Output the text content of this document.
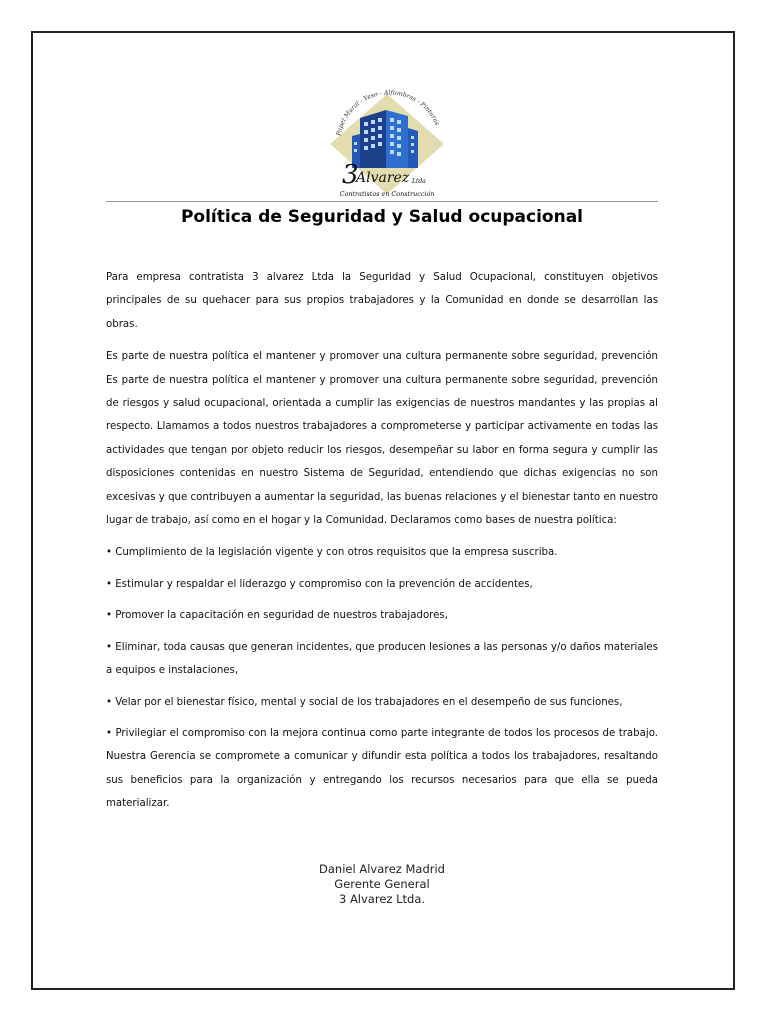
Papel Mural - Yeso - Alfombras - Pinturas
3
Alvarez Ltda
Contratistas en Construcción
Política de Seguridad y Salud ocupacional

Para empresa contratista 3 alvarez Ltda la Seguridad y Salud Ocupacional, constituyen objetivos principales de su quehacer para sus propios trabajadores y la Comunidad en donde se desarrollan las obras.

Es parte de nuestra política el mantener y promover una cultura permanente sobre seguridad, prevención Es parte de nuestra política el mantener y promover una cultura permanente sobre seguridad, prevención de riesgos y salud ocupacional, orientada a cumplir las exigencias de nuestros mandantes y las propias al respecto. Llamamos a todos nuestros trabajadores a comprometerse y participar activamente en todas las actividades que tengan por objeto reducir los riesgos, desempeñar su labor en forma segura y cumplir las disposiciones contenidas en nuestro Sistema de Seguridad, entendiendo que dichas exigencias no son excesivas y que contribuyen a aumentar la seguridad, las buenas relaciones y el bienestar tanto en nuestro lugar de trabajo, así como en el hogar y la Comunidad. Declaramos como bases de nuestra política:

• Cumplimiento de la legislación vigente y con otros requisitos que la empresa suscriba.

• Estimular y respaldar el liderazgo y compromiso con la prevención de accidentes,

• Promover la capacitación en seguridad de nuestros trabajadores,

• Eliminar, toda causas que generan incidentes, que producen lesiones a las personas y/o daños materiales a equipos e instalaciones,

• Velar por el bienestar físico, mental y social de los trabajadores en el desempeño de sus funciones,

• Privilegiar el compromiso con la mejora continua como parte integrante de todos los procesos de trabajo. Nuestra Gerencia se compromete a comunicar y difundir esta política a todos los trabajadores, resaltando sus beneficios para la organización y entregando los recursos necesarios para que ella se pueda materializar.

Daniel Alvarez Madrid
Gerente General
3 Alvarez Ltda.
